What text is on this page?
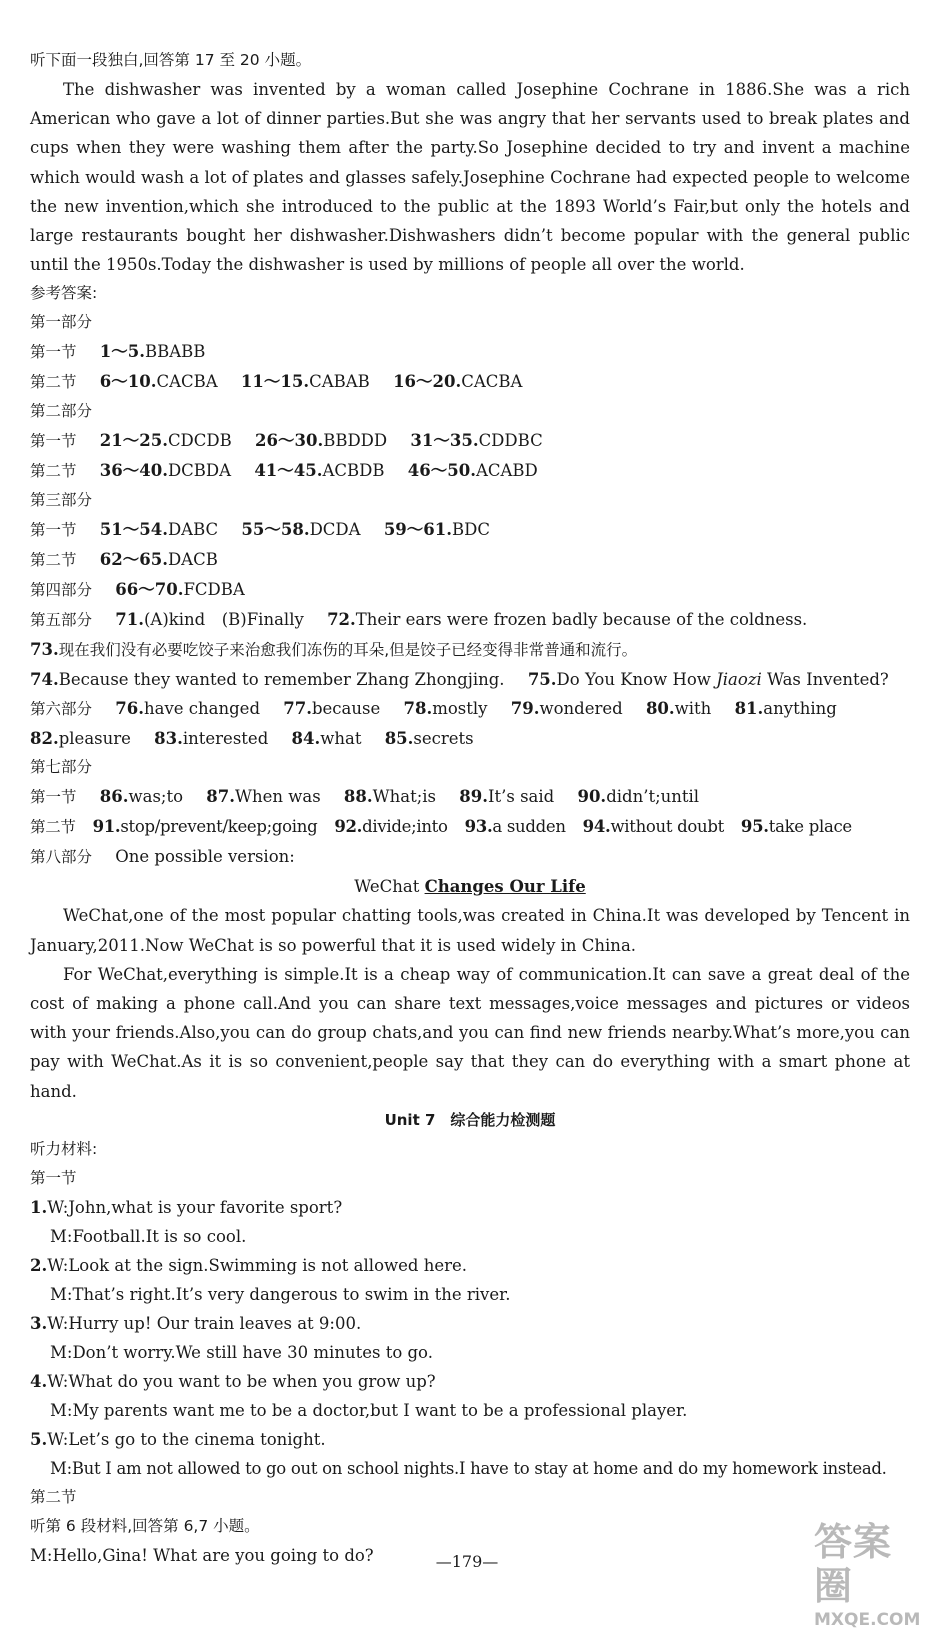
听下面一段独白,回答第 17 至 20 小题。
The dishwasher was invented by a woman called Josephine Cochrane in 1886.She was a rich American who gave a lot of dinner parties.But she was angry that her servants used to break plates and cups when they were washing them after the party.So Josephine decided to try and invent a machine which would wash a lot of plates and glasses safely.Josephine Cochrane had expected people to welcome the new invention,which she introduced to the public at the 1893 World’s Fair,but only the hotels and large restaurants bought her dishwasher.Dishwashers didn’t become popular with the general public until the 1950s.Today the dishwasher is used by millions of people all over the world.
参考答案:
第一部分
第一节 1～5.BBABB
第二节 6～10.CACBA 11～15.CABAB 16～20.CACBA
第二部分
第一节 21～25.CDCDB 26～30.BBDDD 31～35.CDDBC
第二节 36～40.DCBDA 41～45.ACBDB 46～50.ACABD
第三部分
第一节 51～54.DABC 55～58.DCDA 59～61.BDC
第二节 62～65.DACB
第四部分 66～70.FCDBA
第五部分 71.(A)kind　(B)Finally 72.Their ears were frozen badly because of the coldness.
73.现在我们没有必要吃饺子来治愈我们冻伤的耳朵,但是饺子已经变得非常普通和流行。
74.Because they wanted to remember Zhang Zhongjing. 75.Do You Know How Jiaozi Was Invented?
第六部分 76.have changed 77.because 78.mostly 79.wondered 80.with 81.anything
82.pleasure 83.interested 84.what 85.secrets
第七部分
第一节 86.was;to 87.When was 88.What;is 89.It’s said 90.didn’t;until
第二节 91.stop/prevent/keep;going 92.divide;into 93.a sudden 94.without doubt 95.take place
第八部分 One possible version:
WeChat Changes Our Life
WeChat,one of the most popular chatting tools,was created in China.It was developed by Tencent in January,2011.Now WeChat is so powerful that it is used widely in China.
For WeChat,everything is simple.It is a cheap way of communication.It can save a great deal of the cost of making a phone call.And you can share text messages,voice messages and pictures or videos with your friends.Also,you can do group chats,and you can find new friends nearby.What’s more,you can pay with WeChat.As it is so convenient,people say that they can do everything with a smart phone at hand.
Unit 7　综合能力检测题
听力材料:
第一节
1.W:John,what is your favorite sport?
M:Football.It is so cool.
2.W:Look at the sign.Swimming is not allowed here.
M:That’s right.It’s very dangerous to swim in the river.
3.W:Hurry up! Our train leaves at 9:00.
M:Don’t worry.We still have 30 minutes to go.
4.W:What do you want to be when you grow up?
M:My parents want me to be a doctor,but I want to be a professional player.
5.W:Let’s go to the cinema tonight.
M:But I am not allowed to go out on school nights.I have to stay at home and do my homework instead.
第二节
听第 6 段材料,回答第 6,7 小题。
M:Hello,Gina! What are you going to do?	—179—	答案圈
MXQE.COM
